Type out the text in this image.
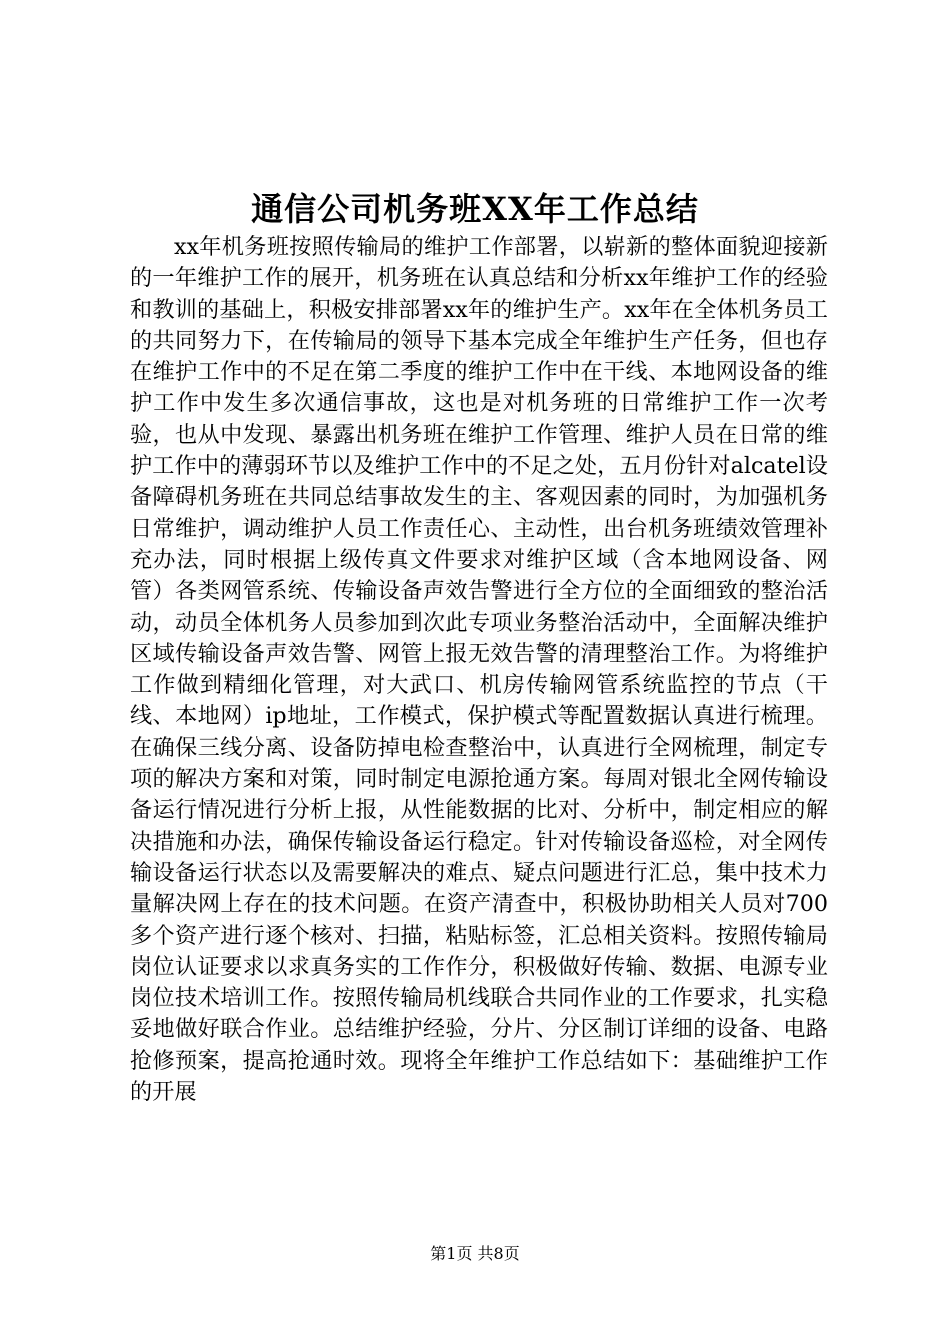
通信公司机务班XX年工作总结

xx年机务班按照传输局的维护工作部署，以崭新的整体面貌迎接新的一年维护工作的展开，机务班在认真总结和分析xx年维护工作的经验和教训的基础上，积极安排部署xx年的维护生产。xx年在全体机务员工的共同努力下，在传输局的领导下基本完成全年维护生产任务，但也存在维护工作中的不足在第二季度的维护工作中在干线、本地网设备的维护工作中发生多次通信事故，这也是对机务班的日常维护工作一次考验，也从中发现、暴露出机务班在维护工作管理、维护人员在日常的维护工作中的薄弱环节以及维护工作中的不足之处，五月份针对alcatel设备障碍机务班在共同总结事故发生的主、客观因素的同时，为加强机务日常维护，调动维护人员工作责任心、主动性，出台机务班绩效管理补充办法，同时根据上级传真文件要求对维护区域（含本地网设备、网管）各类网管系统、传输设备声效告警进行全方位的全面细致的整治活动，动员全体机务人员参加到次此专项业务整治活动中，全面解决维护区域传输设备声效告警、网管上报无效告警的清理整治工作。为将维护工作做到精细化管理，对大武口、机房传输网管系统监控的节点（干线、本地网）ip地址，工作模式，保护模式等配置数据认真进行梳理。在确保三线分离、设备防掉电检查整治中，认真进行全网梳理，制定专项的解决方案和对策，同时制定电源抢通方案。每周对银北全网传输设备运行情况进行分析上报，从性能数据的比对、分析中，制定相应的解决措施和办法，确保传输设备运行稳定。针对传输设备巡检，对全网传输设备运行状态以及需要解决的难点、疑点问题进行汇总，集中技术力量解决网上存在的技术问题。在资产清查中，积极协助相关人员对700多个资产进行逐个核对、扫描，粘贴标签，汇总相关资料。按照传输局岗位认证要求以求真务实的工作作分，积极做好传输、数据、电源专业岗位技术培训工作。按照传输局机线联合共同作业的工作要求，扎实稳妥地做好联合作业。总结维护经验，分片、分区制订详细的设备、电路抢修预案，提高抢通时效。现将全年维护工作总结如下：基础维护工作的开展

第1页 共8页
